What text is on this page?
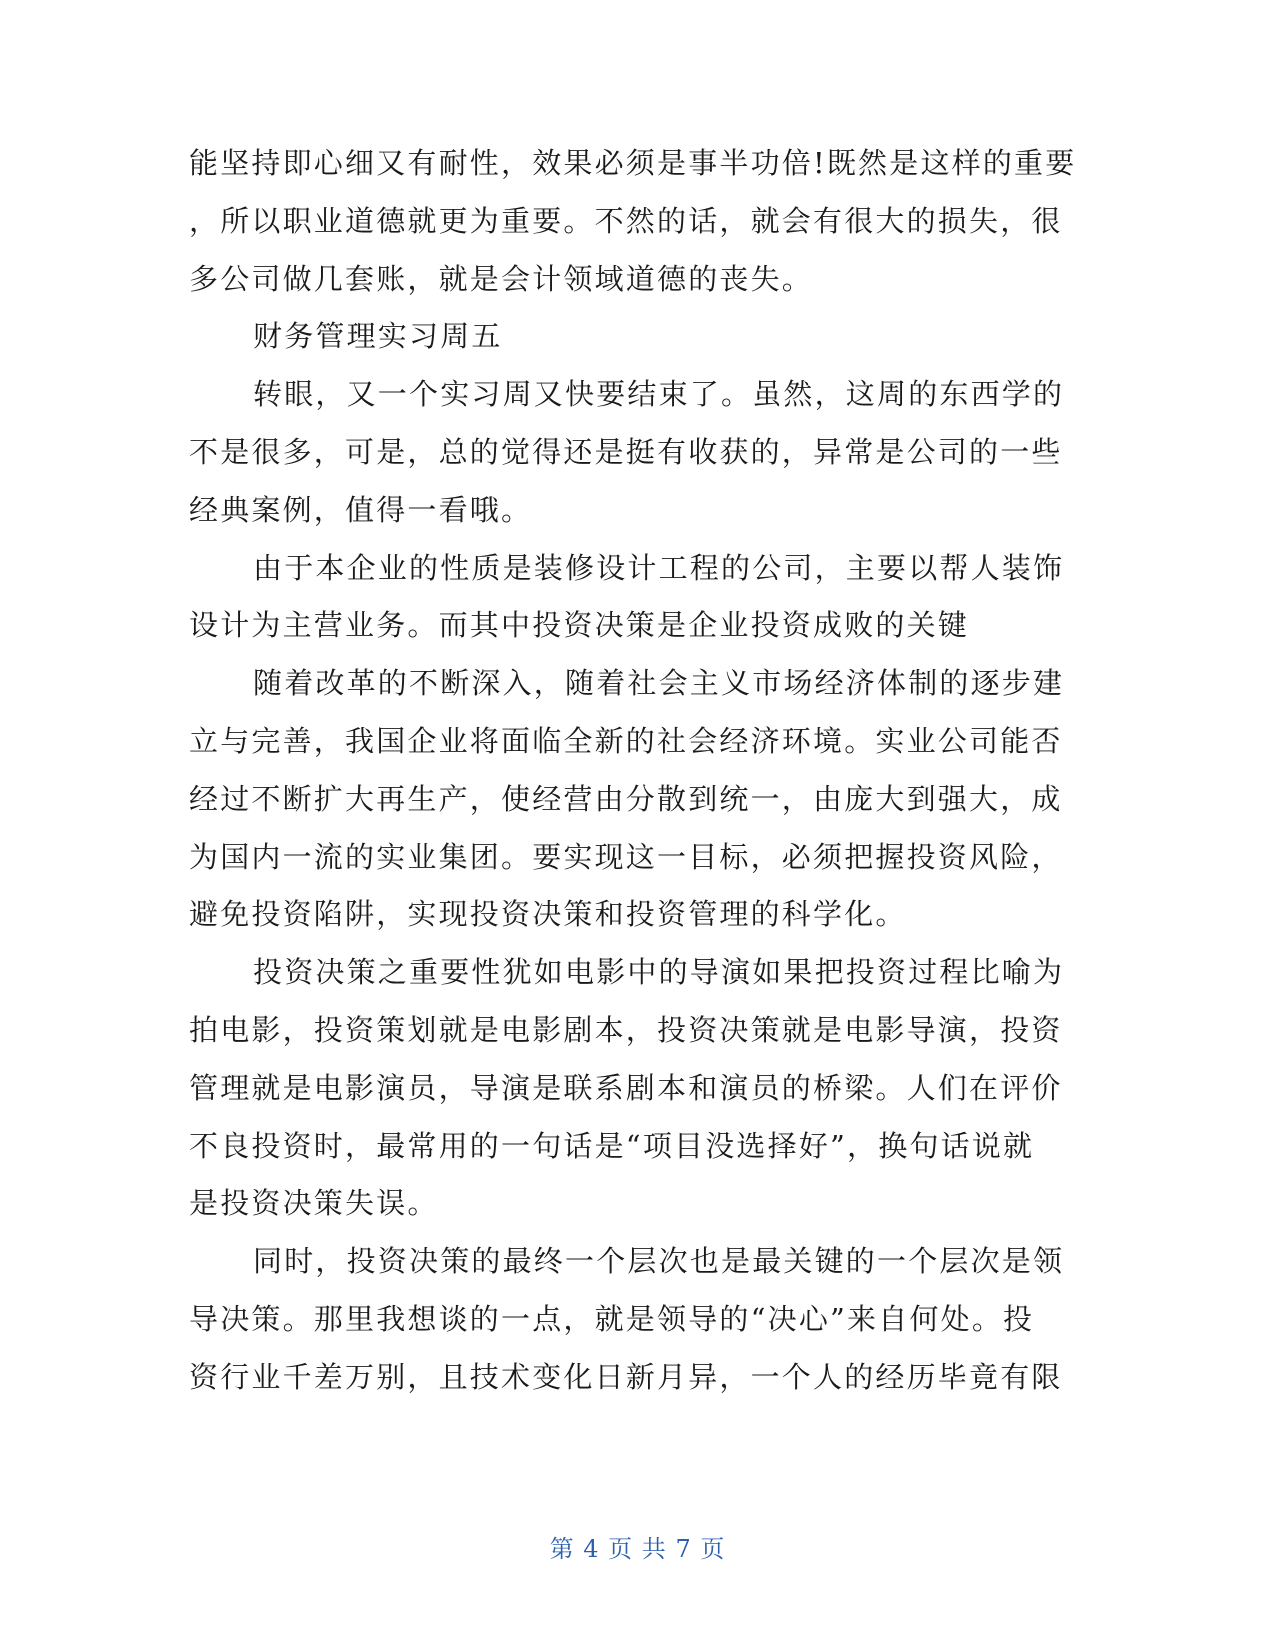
能坚持即心细又有耐性，效果必须是事半功倍!既然是这样的重要
，所以职业道德就更为重要。不然的话，就会有很大的损失，很
多公司做几套账，就是会计领域道德的丧失。
财务管理实习周五
转眼，又一个实习周又快要结束了。虽然，这周的东西学的
不是很多，可是，总的觉得还是挺有收获的，异常是公司的一些
经典案例，值得一看哦。
由于本企业的性质是装修设计工程的公司，主要以帮人装饰
设计为主营业务。而其中投资决策是企业投资成败的关键
随着改革的不断深入，随着社会主义市场经济体制的逐步建
立与完善，我国企业将面临全新的社会经济环境。实业公司能否
经过不断扩大再生产，使经营由分散到统一，由庞大到强大，成
为国内一流的实业集团。要实现这一目标，必须把握投资风险，
避免投资陷阱，实现投资决策和投资管理的科学化。
投资决策之重要性犹如电影中的导演如果把投资过程比喻为
拍电影，投资策划就是电影剧本，投资决策就是电影导演，投资
管理就是电影演员，导演是联系剧本和演员的桥梁。人们在评价
不良投资时，最常用的一句话是“项目没选择好”，换句话说就
是投资决策失误。
同时，投资决策的最终一个层次也是最关键的一个层次是领
导决策。那里我想谈的一点，就是领导的“决心”来自何处。投
资行业千差万别，且技术变化日新月异，一个人的经历毕竟有限
第 4 页 共 7 页
